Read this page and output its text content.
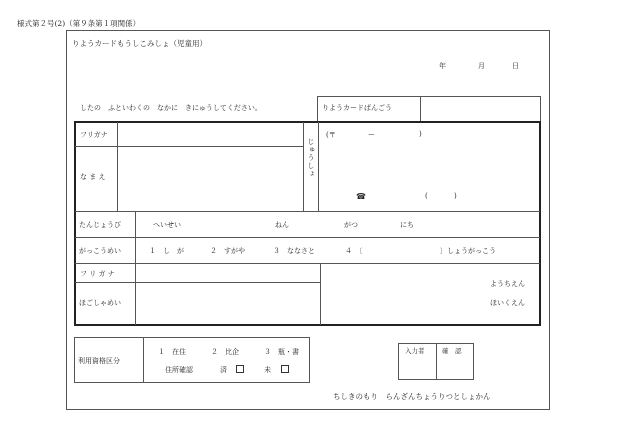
様式第２号(2)（第９条第１項関係）
りようカードもうしこみしょ（児童用）
年	月	日
したの　ふといわくの　なかに　きにゅうしてください。	りようカードばんごう
フリガナ
な ま え	じゅうしょ
(〒	ー	)
☎	(	)
たんじょうび	へいせい	ねん	がつ	にち
がっこうめい	１　し　が	２　すがや	３　ななさと	４　〔	〕しょうがっこう
フ リ ガ ナ
ほごしゃめい
ようちえん
ほいくえん
利用資格区分
１　在住	２　比企	３　瓶・書
住所確認	済	未
入力者	確　認
ちしきのもり　らんざんちょうりつとしょかん
